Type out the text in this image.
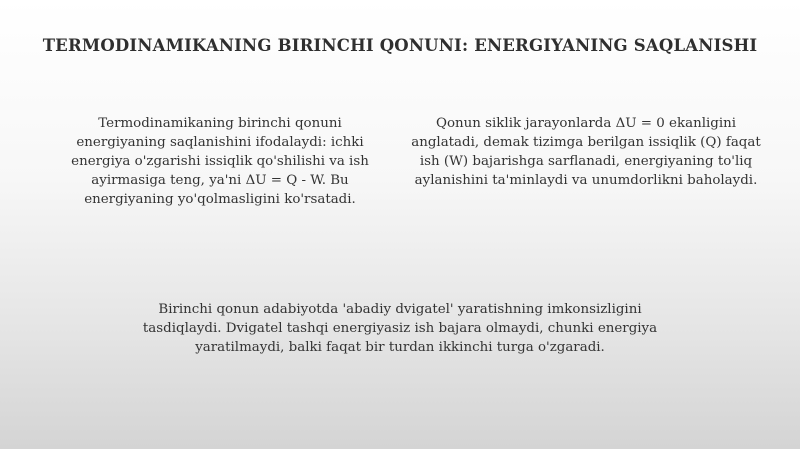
TERMODINAMIKANING BIRINCHI QONUNI: ENERGIYANING SAQLANISHI
Termodinamikaning birinchi qonuni energiyaning saqlanishini ifodalaydi: ichki energiya o'zgarishi issiqlik qo'shilishi va ish ayirmasiga teng, ya'ni ΔU = Q - W. Bu energiyaning yo'qolmasligini ko'rsatadi.
Qonun siklik jarayonlarda ΔU = 0 ekanligini anglatadi, demak tizimga berilgan issiqlik (Q) faqat ish (W) bajarishga sarflanadi, energiyaning to'liq aylanishini ta'minlaydi va unumdorlikni baholaydi.
Birinchi qonun adabiyotda 'abadiy dvigatel' yaratishning imkonsizligini tasdiqlaydi. Dvigatel tashqi energiyasiz ish bajara olmaydi, chunki energiya yaratilmaydi, balki faqat bir turdan ikkinchi turga o'zgaradi.
